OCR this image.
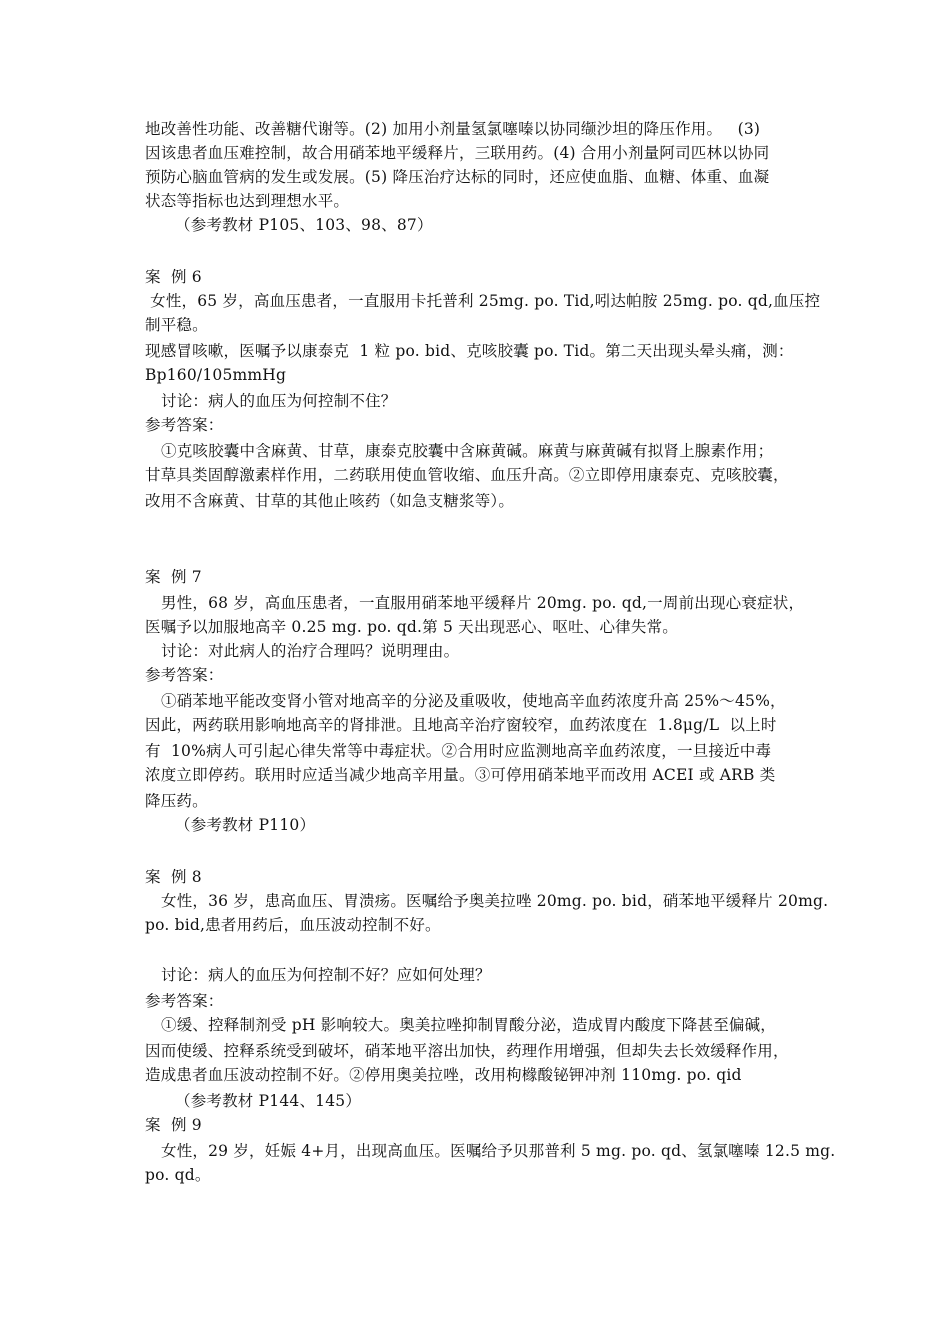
地改善性功能、改善糖代谢等。(2) 加用小剂量氢氯噻嗪以协同缬沙坦的降压作用。   (3)
因该患者血压难控制，故合用硝苯地平缓释片，三联用药。(4) 合用小剂量阿司匹林以协同
预防心脑血管病的发生或发展。(5) 降压治疗达标的同时，还应使血脂、血糖、体重、血凝
状态等指标也达到理想水平。
（参考教材 P105、103、98、87）
案  例 6
女性，65 岁，高血压患者，一直服用卡托普利 25mg. po. Tid,吲达帕胺 25mg. po. qd,血压控
制平稳。
现感冒咳嗽，医嘱予以康泰克  1 粒 po. bid、克咳胶囊 po. Tid。第二天出现头晕头痛，测：
Bp160/105mmHg
讨论：病人的血压为何控制不住？
参考答案：
①克咳胶囊中含麻黄、甘草，康泰克胶囊中含麻黄碱。麻黄与麻黄碱有拟肾上腺素作用；
甘草具类固醇激素样作用，二药联用使血管收缩、血压升高。②立即停用康泰克、克咳胶囊，
改用不含麻黄、甘草的其他止咳药（如急支糖浆等）。
案  例 7
男性，68 岁，高血压患者，一直服用硝苯地平缓释片 20mg. po. qd,一周前出现心衰症状，
医嘱予以加服地高辛 0.25 mg. po. qd.第 5 天出现恶心、呕吐、心律失常。
讨论：对此病人的治疗合理吗？说明理由。
参考答案：
①硝苯地平能改变肾小管对地高辛的分泌及重吸收，使地高辛血药浓度升高 25%～45%，
因此，两药联用影响地高辛的肾排泄。且地高辛治疗窗较窄，血药浓度在  1.8μg/L  以上时
有  10%病人可引起心律失常等中毒症状。②合用时应监测地高辛血药浓度，一旦接近中毒
浓度立即停药。联用时应适当减少地高辛用量。③可停用硝苯地平而改用 ACEI 或 ARB 类
降压药。
（参考教材 P110）
案  例 8
女性，36 岁，患高血压、胃溃疡。医嘱给予奥美拉唑 20mg. po. bid，硝苯地平缓释片 20mg.
po. bid,患者用药后，血压波动控制不好。
讨论：病人的血压为何控制不好？应如何处理？
参考答案：
①缓、控释制剂受 pH 影响较大。奥美拉唑抑制胃酸分泌，造成胃内酸度下降甚至偏碱，
因而使缓、控释系统受到破坏，硝苯地平溶出加快，药理作用增强，但却失去长效缓释作用，
造成患者血压波动控制不好。②停用奥美拉唑，改用枸橼酸铋钾冲剂 110mg. po. qid
（参考教材 P144、145）
案  例 9
女性，29 岁，妊娠 4+月，出现高血压。医嘱给予贝那普利 5 mg. po. qd、氢氯噻嗪 12.5 mg.
po. qd。
